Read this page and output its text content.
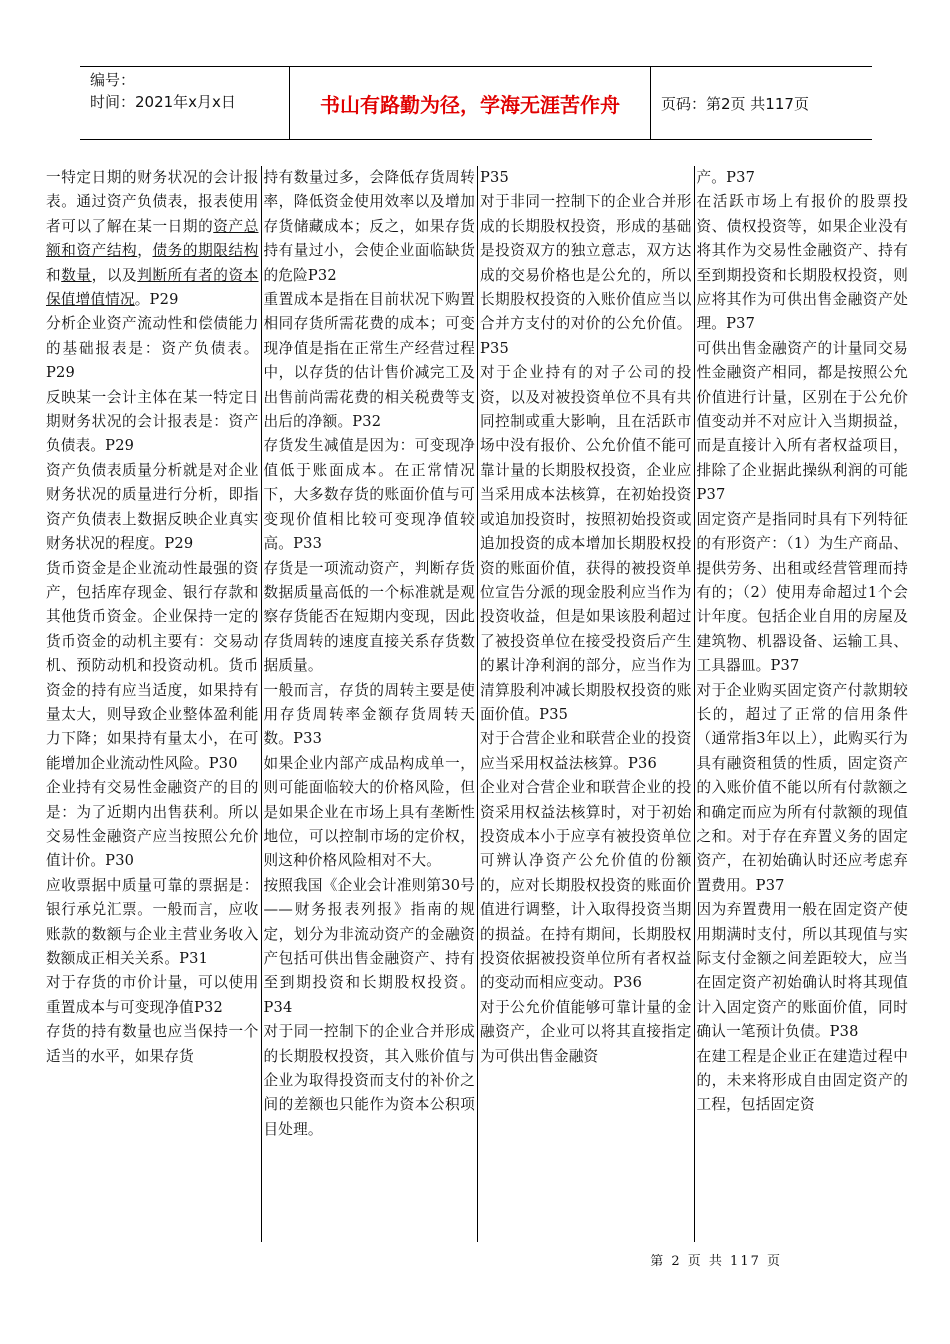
编号：
时间：2021年x月x日	书山有路勤为径，学海无涯苦作舟	页码：第2页 共117页

一特定日期的财务状况的会计报表。通过资产负债表，报表使用者可以了解在某一日期的资产总额和资产结构，债务的期限结构和数量，以及判断所有者的资本保值增值情况。P29

分析企业资产流动性和偿债能力的基础报表是：资产负债表。P29

反映某一会计主体在某一特定日期财务状况的会计报表是：资产负债表。P29

资产负债表质量分析就是对企业财务状况的质量进行分析，即指资产负债表上数据反映企业真实财务状况的程度。P29

货币资金是企业流动性最强的资产，包括库存现金、银行存款和其他货币资金。企业保持一定的货币资金的动机主要有：交易动机、预防动机和投资动机。货币资金的持有应当适度，如果持有量太大，则导致企业整体盈利能力下降；如果持有量太小，在可能增加企业流动性风险。P30

企业持有交易性金融资产的目的是：为了近期内出售获利。所以交易性金融资产应当按照公允价值计价。P30

应收票据中质量可靠的票据是：银行承兑汇票。一般而言，应收账款的数额与企业主营业务收入数额成正相关关系。P31

对于存货的市价计量，可以使用重置成本与可变现净值P32

存货的持有数量也应当保持一个适当的水平，如果存货

持有数量过多，会降低存货周转率，降低资金使用效率以及增加存货储藏成本；反之，如果存货持有量过小，会使企业面临缺货的危险P32

重置成本是指在目前状况下购置相同存货所需花费的成本；可变现净值是指在正常生产经营过程中，以存货的估计售价减完工及出售前尚需花费的相关税费等支出后的净额。P32

存货发生减值是因为：可变现净值低于账面成本。在正常情况下，大多数存货的账面价值与可变现价值相比较可变现净值较高。P33

存货是一项流动资产，判断存货数据质量高低的一个标准就是观察存货能否在短期内变现，因此存货周转的速度直接关系存货数据质量。

一般而言，存货的周转主要是使用存货周转率金额存货周转天数。P33

如果企业内部产成品构成单一，则可能面临较大的价格风险，但是如果企业在市场上具有垄断性地位，可以控制市场的定价权，则这种价格风险相对不大。

按照我国《企业会计准则第30号——财务报表列报》指南的规定，划分为非流动资产的金融资产包括可供出售金融资产、持有至到期投资和长期股权投资。P34

对于同一控制下的企业合并形成的长期股权投资，其入账价值与企业为取得投资而支付的补价之间的差额也只能作为资本公积项目处理。

P35

对于非同一控制下的企业合并形成的长期股权投资，形成的基础是投资双方的独立意志，双方达成的交易价格也是公允的，所以长期股权投资的入账价值应当以合并方支付的对价的公允价值。P35

对于企业持有的对子公司的投资，以及对被投资单位不具有共同控制或重大影响，且在活跃市场中没有报价、公允价值不能可靠计量的长期股权投资，企业应当采用成本法核算，在初始投资或追加投资时，按照初始投资或追加投资的成本增加长期股权投资的账面价值，获得的被投资单位宣告分派的现金股利应当作为投资收益，但是如果该股利超过了被投资单位在接受投资后产生的累计净利润的部分，应当作为清算股利冲减长期股权投资的账面价值。P35

对于合营企业和联营企业的投资应当采用权益法核算。P36

企业对合营企业和联营企业的投资采用权益法核算时，对于初始投资成本小于应享有被投资单位可辨认净资产公允价值的份额的，应对长期股权投资的账面价值进行调整，计入取得投资当期的损益。在持有期间，长期股权投资依据被投资单位所有者权益的变动而相应变动。P36

对于公允价值能够可靠计量的金融资产，企业可以将其直接指定为可供出售金融资

产。P37

在活跃市场上有报价的股票投资、债权投资等，如果企业没有将其作为交易性金融资产、持有至到期投资和长期股权投资，则应将其作为可供出售金融资产处理。P37

可供出售金融资产的计量同交易性金融资产相同，都是按照公允价值进行计量，区别在于公允价值变动并不对应计入当期损益，而是直接计入所有者权益项目，排除了企业据此操纵利润的可能P37

固定资产是指同时具有下列特征的有形资产：（1）为生产商品、提供劳务、出租或经营管理而持有的；（2）使用寿命超过1个会计年度。包括企业自用的房屋及建筑物、机器设备、运输工具、工具器皿。P37

对于企业购买固定资产付款期较长的，超过了正常的信用条件（通常指3年以上），此购买行为具有融资租赁的性质，固定资产的入账价值不能以所有付款额之和确定而应为所有付款额的现值之和。对于存在弃置义务的固定资产，在初始确认时还应考虑弃置费用。P37

因为弃置费用一般在固定资产使用期满时支付，所以其现值与实际支付金额之间差距较大，应当在固定资产初始确认时将其现值计入固定资产的账面价值，同时确认一笔预计负债。P38

在建工程是企业正在建造过程中的，未来将形成自由固定资产的工程，包括固定资

第 2 页 共 117 页
